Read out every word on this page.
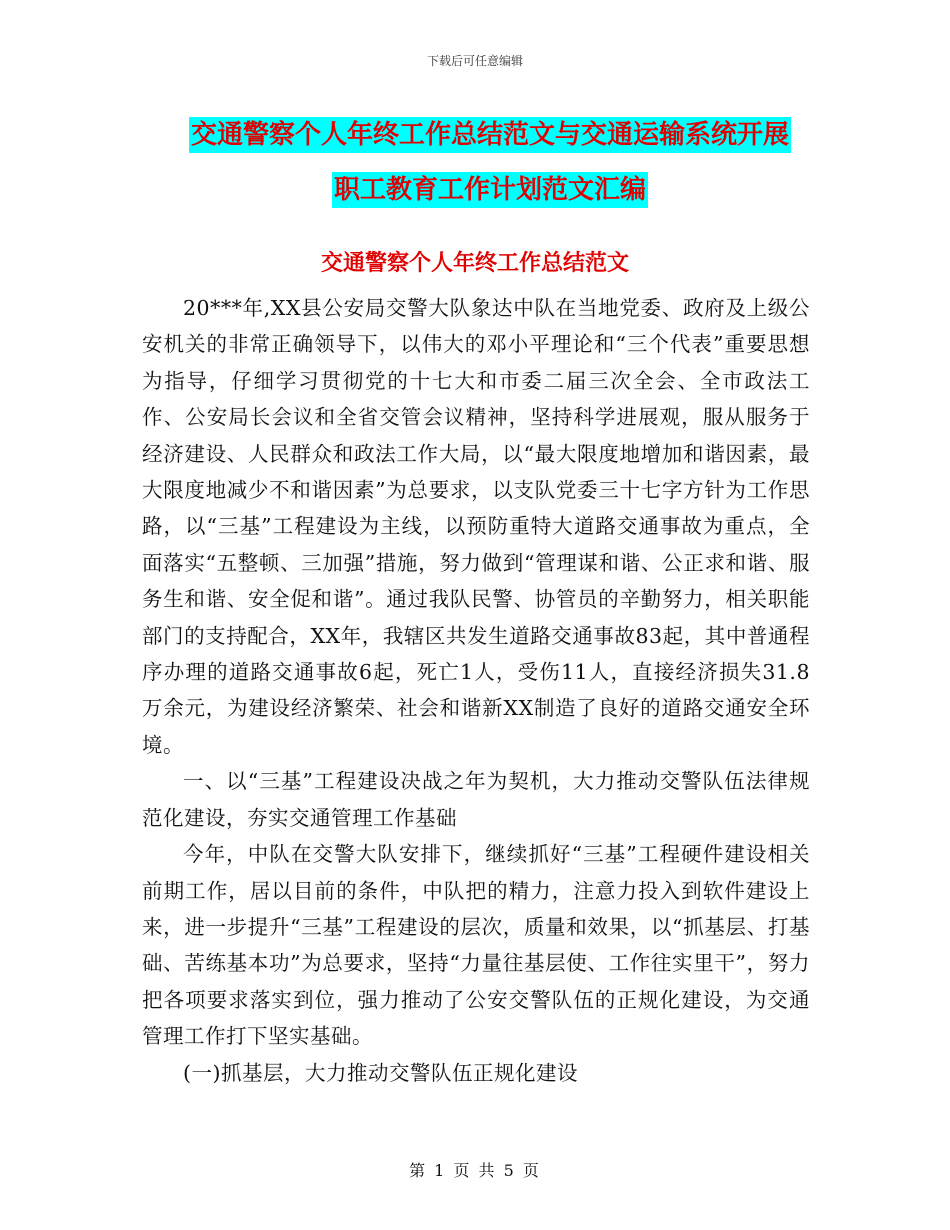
下载后可任意编辑
交通警察个人年终工作总结范文与交通运输系统开展
职工教育工作计划范文汇编
交通警察个人年终工作总结范文

20***年,XX县公安局交警大队象达中队在当地党委、政府及上级公安机关的非常正确领导下，以伟大的邓小平理论和“三个代表”重要思想为指导，仔细学习贯彻党的十七大和市委二届三次全会、全市政法工作、公安局长会议和全省交管会议精神，坚持科学进展观，服从服务于经济建设、人民群众和政法工作大局，以“最大限度地增加和谐因素，最大限度地减少不和谐因素”为总要求，以支队党委三十七字方针为工作思路，以“三基”工程建设为主线，以预防重特大道路交通事故为重点，全面落实“五整顿、三加强”措施，努力做到“管理谋和谐、公正求和谐、服务生和谐、安全促和谐”。通过我队民警、协管员的辛勤努力，相关职能部门的支持配合，XX年，我辖区共发生道路交通事故83起，其中普通程序办理的道路交通事故6起，死亡1人，受伤11人，直接经济损失31.8万余元，为建设经济繁荣、社会和谐新XX制造了良好的道路交通安全环境。

一、以“三基”工程建设决战之年为契机，大力推动交警队伍法律规范化建设，夯实交通管理工作基础

今年，中队在交警大队安排下，继续抓好“三基”工程硬件建设相关前期工作，居以目前的条件，中队把的精力，注意力投入到软件建设上来，进一步提升“三基”工程建设的层次，质量和效果，以“抓基层、打基础、苦练基本功”为总要求，坚持“力量往基层使、工作往实里干”，努力把各项要求落实到位，强力推动了公安交警队伍的正规化建设，为交通管理工作打下坚实基础。

(一)抓基层，大力推动交警队伍正规化建设

第 1 页 共 5 页
